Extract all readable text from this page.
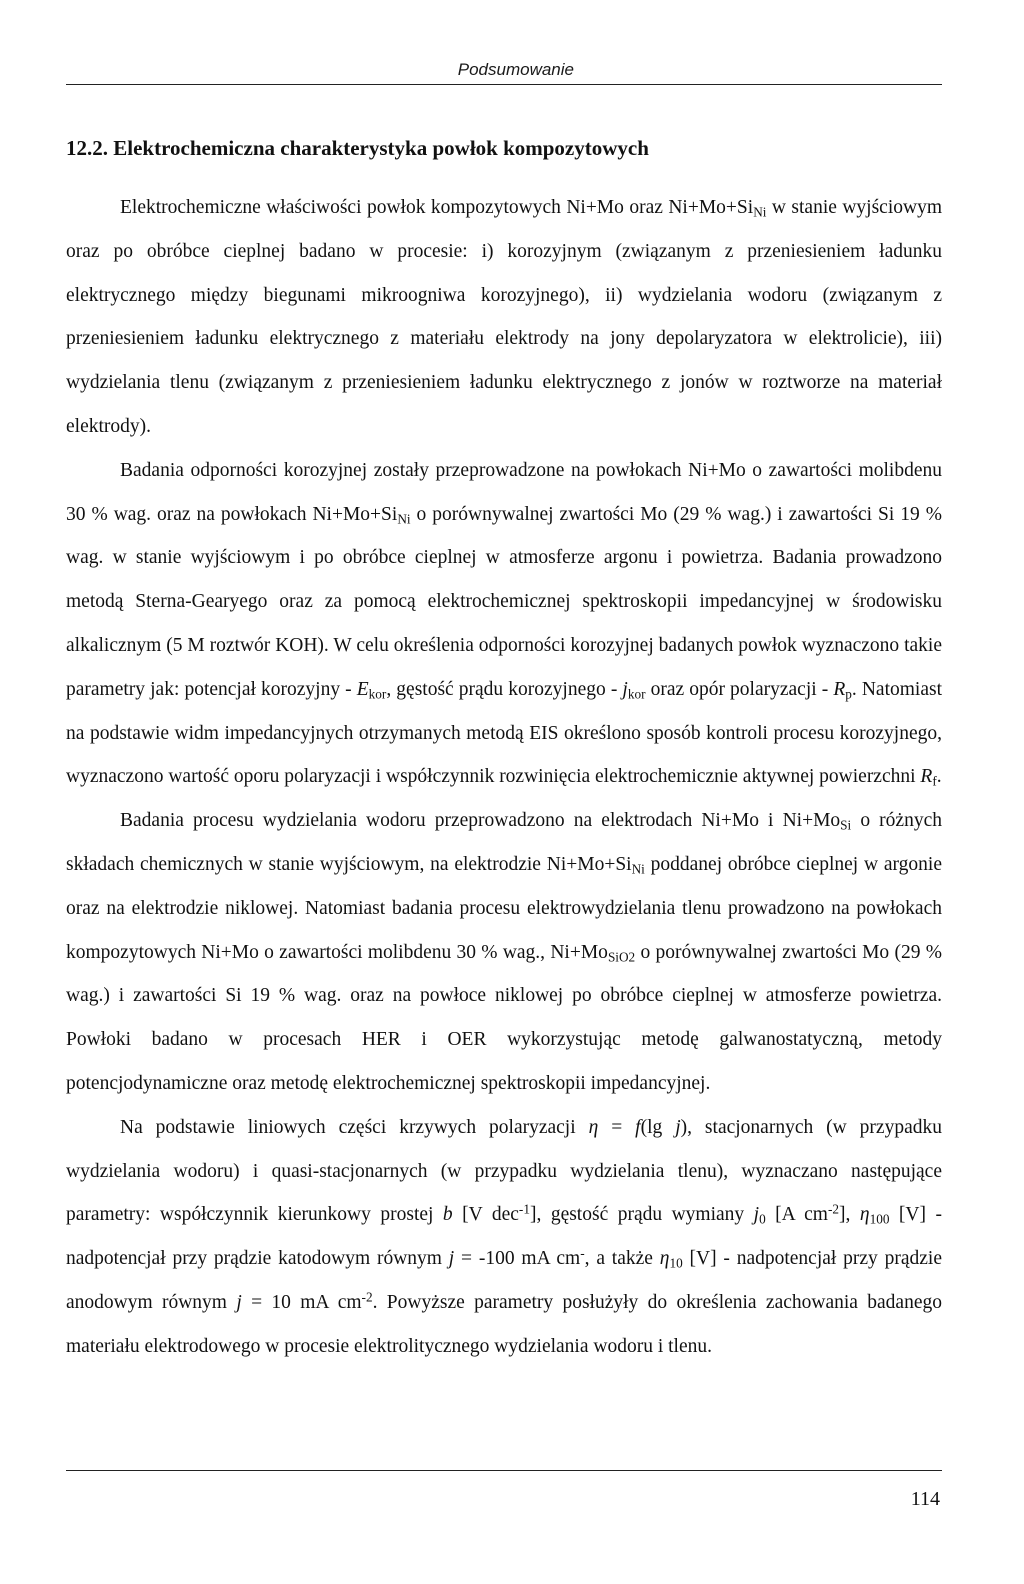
Podsumowanie
12.2. Elektrochemiczna charakterystyka powłok kompozytowych

Elektrochemiczne właściwości powłok kompozytowych Ni+Mo oraz $Ni+Mo+Si_{Ni}$ w stanie wyjściowym oraz po obróbce cieplnej badano w procesie: i) korozyjnym (związanym z przeniesieniem ładunku elektrycznego między biegunami mikroogniwa korozyjnego), ii) wydzielania wodoru (związanym z przeniesieniem ładunku elektrycznego z materiału elektrody na jony depolaryzatora w elektrolicie), iii) wydzielania tlenu (związanym z przeniesieniem ładunku elektrycznego z jonów w roztworze na materiał elektrody).

Badania odporności korozyjnej zostały przeprowadzone na powłokach Ni+Mo o zawartości molibdenu 30 % wag. oraz na powłokach $Ni+Mo+Si_{Ni}$ o porównywalnej zwartości Mo (29 % wag.) i zawartości Si 19 % wag. w stanie wyjściowym i po obróbce cieplnej w atmosferze argonu i powietrza. Badania prowadzono metodą Sterna-Gearyego oraz za pomocą elektrochemicznej spektroskopii impedancyjnej w środowisku alkalicznym (5 M roztwór KOH). W celu określenia odporności korozyjnej badanych powłok wyznaczono takie parametry jak: potencjał korozyjny - $E_{kor}$, gęstość prądu korozyjnego - $j_{kor}$ oraz opór polaryzacji - $R_p$. Natomiast na podstawie widm impedancyjnych otrzymanych metodą EIS określono sposób kontroli procesu korozyjnego, wyznaczono wartość oporu polaryzacji i współczynnik rozwinięcia elektrochemicznie aktywnej powierzchni $R_f$.

Badania procesu wydzielania wodoru przeprowadzono na elektrodach Ni+Mo i $Ni+Mo_{Si}$ o różnych składach chemicznych w stanie wyjściowym, na elektrodzie $Ni+Mo+Si_{Ni}$ poddanej obróbce cieplnej w argonie oraz na elektrodzie niklowej. Natomiast badania procesu elektrowydzielania tlenu prowadzono na powłokach kompozytowych Ni+Mo o zawartości molibdenu 30 % wag., $Ni+Mo_{SiO2}$ o porównywalnej zwartości Mo (29 % wag.) i zawartości Si 19 % wag. oraz na powłoce niklowej po obróbce cieplnej w atmosferze powietrza. Powłoki badano w procesach HER i OER wykorzystując metodę galwanostatyczną, metody potencjodynamiczne oraz metodę elektrochemicznej spektroskopii impedancyjnej.

Na podstawie liniowych części krzywych polaryzacji η = f(lg j), stacjonarnych (w przypadku wydzielania wodoru) i quasi-stacjonarnych (w przypadku wydzielania tlenu), wyznaczano następujące parametry: współczynnik kierunkowy prostej b [V dec$^{-1}$], gęstość prądu wymiany $j_0$ [A $cm^{-2}$], $\eta_{100}$ [V] - nadpotencjał przy prądzie katodowym równym j = -100 mA cm-, a także $\eta_{10}$ [V] - nadpotencjał przy prądzie anodowym równym j = 10 mA $cm^{-2}$. Powyższe parametry posłużyły do określenia zachowania badanego materiału elektrodowego w procesie elektrolitycznego wydzielania wodoru i tlenu.

114
